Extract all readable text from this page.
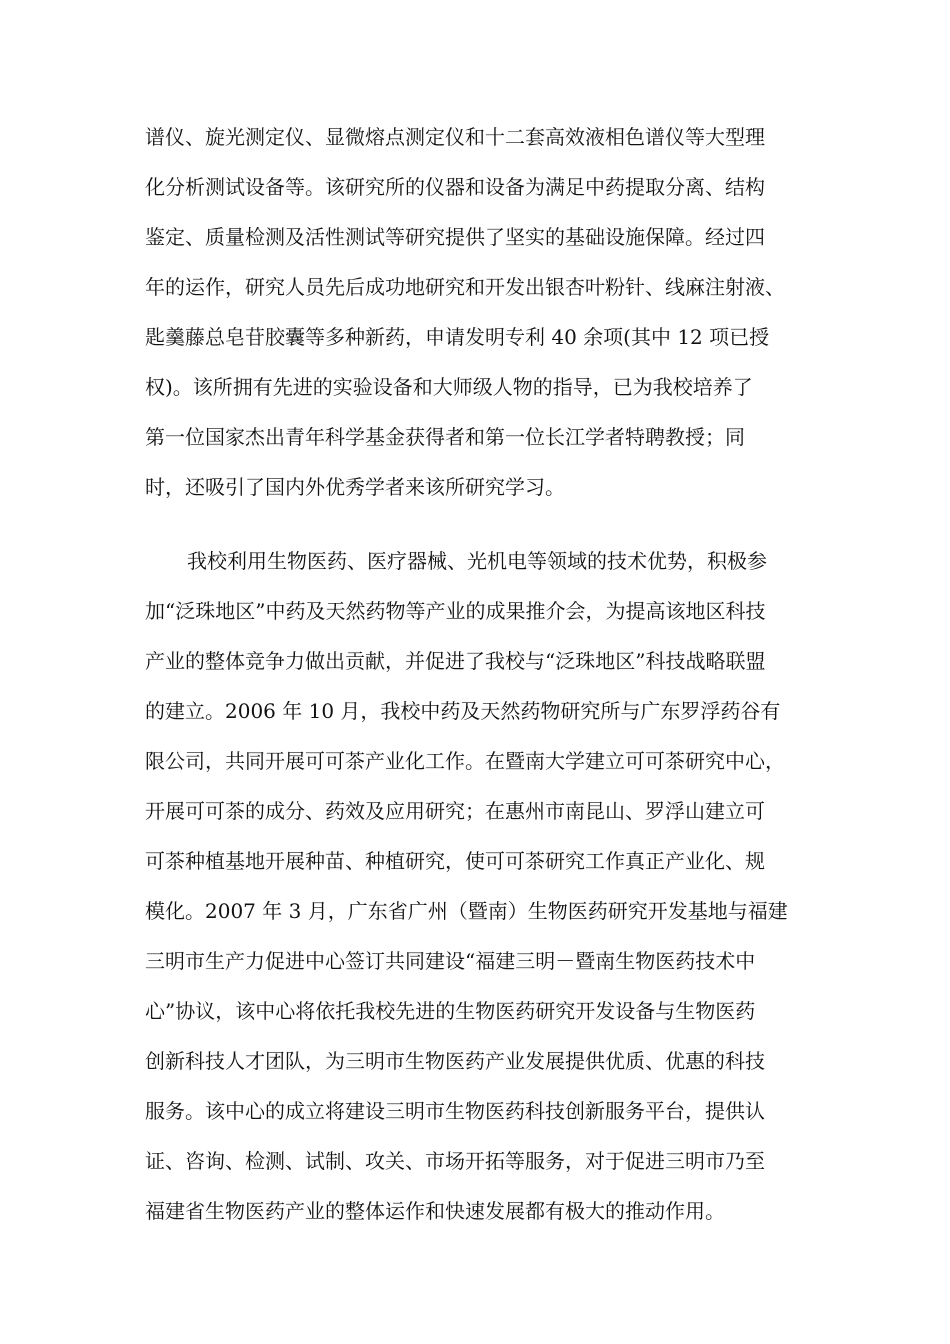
谱仪、旋光测定仪、显微熔点测定仪和十二套高效液相色谱仪等大型理
化分析测试设备等。该研究所的仪器和设备为满足中药提取分离、结构
鉴定、质量检测及活性测试等研究提供了坚实的基础设施保障。经过四
年的运作，研究人员先后成功地研究和开发出银杏叶粉针、线麻注射液、
匙羹藤总皂苷胶囊等多种新药，申请发明专利 40 余项(其中 12 项已授
权)。该所拥有先进的实验设备和大师级人物的指导，已为我校培养了
第一位国家杰出青年科学基金获得者和第一位长江学者特聘教授；同
时，还吸引了国内外优秀学者来该所研究学习。
我校利用生物医药、医疗器械、光机电等领域的技术优势，积极参
加“泛珠地区”中药及天然药物等产业的成果推介会，为提高该地区科技
产业的整体竞争力做出贡献，并促进了我校与“泛珠地区”科技战略联盟
的建立。2006 年 10 月，我校中药及天然药物研究所与广东罗浮药谷有
限公司，共同开展可可茶产业化工作。在暨南大学建立可可茶研究中心，
开展可可茶的成分、药效及应用研究；在惠州市南昆山、罗浮山建立可
可茶种植基地开展种苗、种植研究，使可可茶研究工作真正产业化、规
模化。2007 年 3 月，广东省广州（暨南）生物医药研究开发基地与福建
三明市生产力促进中心签订共同建设“福建三明－暨南生物医药技术中
心”协议，该中心将依托我校先进的生物医药研究开发设备与生物医药
创新科技人才团队，为三明市生物医药产业发展提供优质、优惠的科技
服务。该中心的成立将建设三明市生物医药科技创新服务平台，提供认
证、咨询、检测、试制、攻关、市场开拓等服务，对于促进三明市乃至
福建省生物医药产业的整体运作和快速发展都有极大的推动作用。
